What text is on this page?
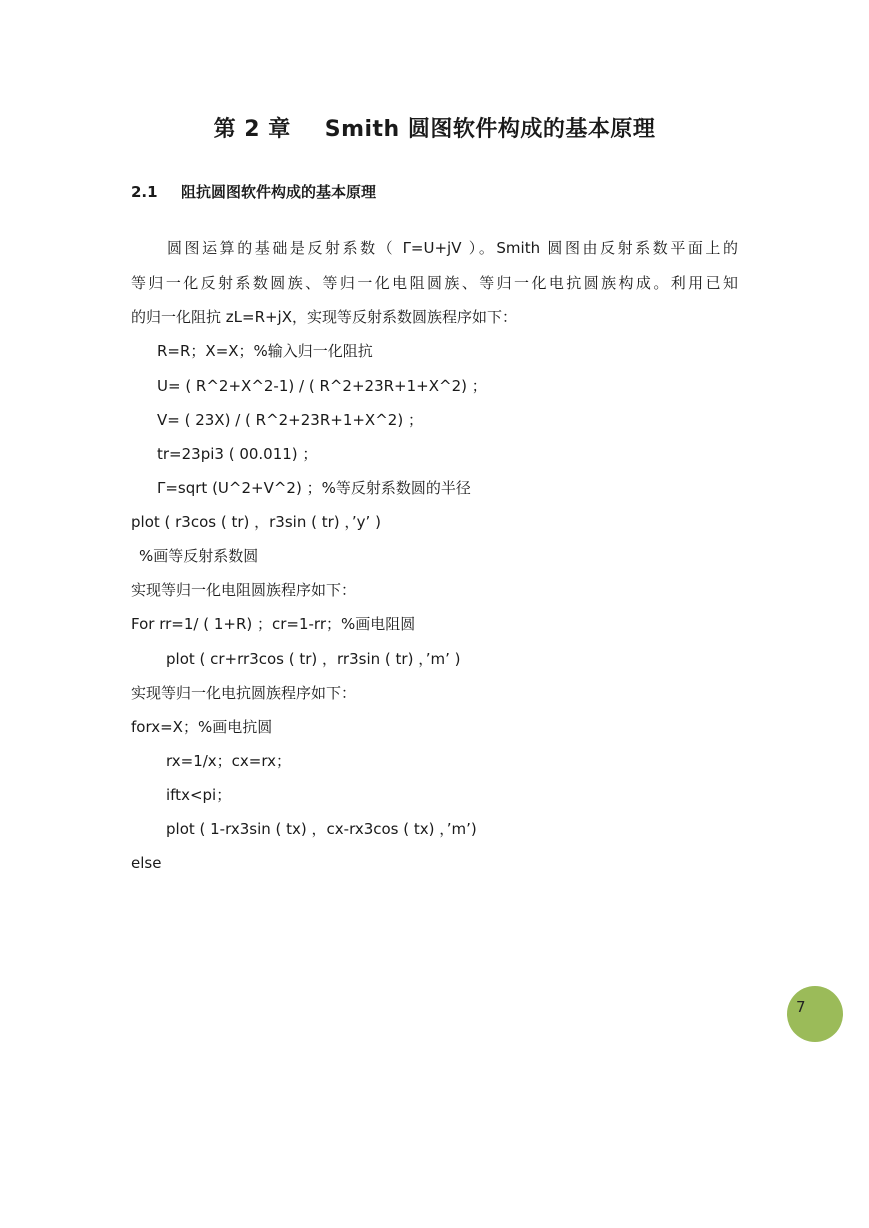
第 2 章 Smith 圆图软件构成的基本原理
2.1 阻抗圆图软件构成的基本原理
圆图运算的基础是反射系数（ Γ=U+jV ）。Smith 圆图由反射系数平面上的
等归一化反射系数圆族、等归一化电阻圆族、等归一化电抗圆族构成。利用已知
的归一化阻抗 zL=R+jX，实现等反射系数圆族程序如下：
R=R；X=X；%输入归一化阻抗
U= ( R^2+X^2-1) / ( R^2+23R+1+X^2) ；
V= ( 23X) / ( R^2+23R+1+X^2) ；
tr=23pi3 ( 00.011) ；
Γ=sqrt (U^2+V^2) ；%等反射系数圆的半径
plot ( r3cos ( tr) ，r3sin ( tr) ，’y’ )
%画等反射系数圆
实现等归一化电阻圆族程序如下：
For rr=1/ ( 1+R) ；cr=1-rr；%画电阻圆
plot ( cr+rr3cos ( tr) ，rr3sin ( tr) ，’m’ )
实现等归一化电抗圆族程序如下：
forx=X；%画电抗圆
rx=1/x；cx=rx；
iftx<pi；
plot ( 1-rx3sin ( tx) ，cx-rx3cos ( tx) ，’m’)
else
7
